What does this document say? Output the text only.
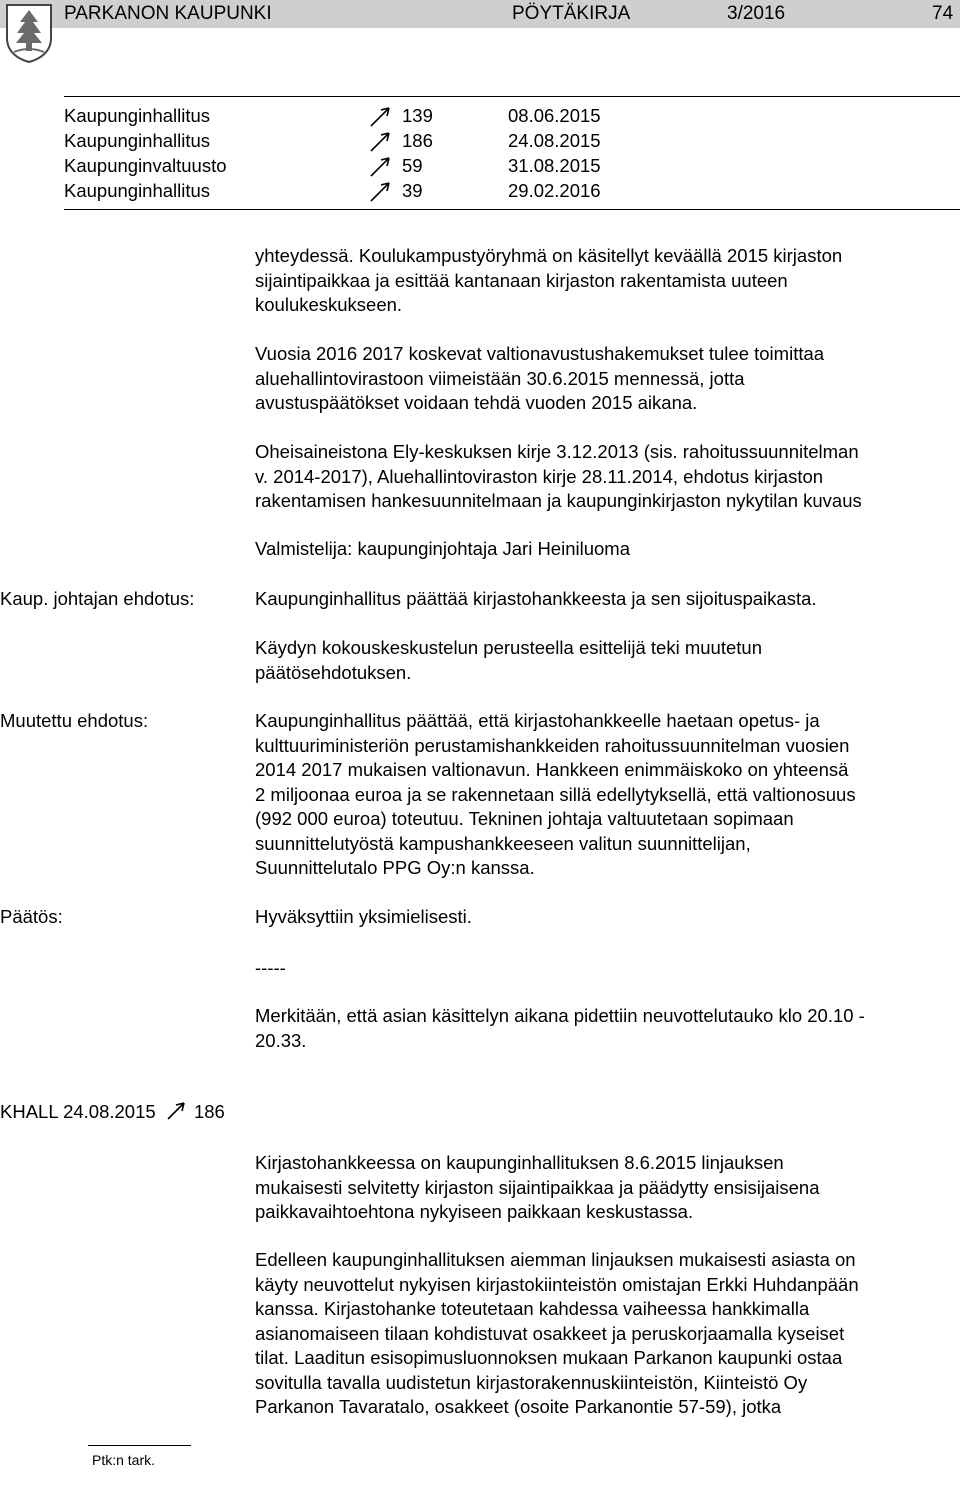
PARKANON KAUPUNKI	PÖYTÄKIRJA	3/2016	74
Kaupunginhallitus	139	08.06.2015
Kaupunginhallitus	186	24.08.2015
Kaupunginvaltuusto	59	31.08.2015
Kaupunginhallitus	39	29.02.2016
yhteydessä. Koulukampustyöryhmä on käsitellyt keväällä 2015 kirjaston
sijaintipaikkaa ja esittää kantanaan kirjaston rakentamista uuteen
koulukeskukseen.
Vuosia 2016 2017 koskevat valtionavustushakemukset tulee toimittaa
aluehallintovirastoon viimeistään 30.6.2015 mennessä, jotta
avustuspäätökset voidaan tehdä vuoden 2015 aikana.
Oheisaineistona Ely-keskuksen kirje 3.12.2013 (sis. rahoitussuunnitelman
v. 2014-2017), Aluehallintoviraston kirje 28.11.2014, ehdotus kirjaston
rakentamisen hankesuunnitelmaan ja kaupunginkirjaston nykytilan kuvaus
Valmistelija: kaupunginjohtaja Jari Heiniluoma
Kaup. johtajan ehdotus:	Kaupunginhallitus päättää kirjastohankkeesta ja sen sijoituspaikasta.
Käydyn kokouskeskustelun perusteella esittelijä teki muutetun
päätösehdotuksen.
Muutettu ehdotus:	Kaupunginhallitus päättää, että kirjastohankkeelle haetaan opetus- ja
kulttuuriministeriön perustamishankkeiden rahoitussuunnitelman vuosien
2014 2017 mukaisen valtionavun. Hankkeen enimmäiskoko on yhteensä
2 miljoonaa euroa ja se rakennetaan sillä edellytyksellä, että valtionosuus
(992 000 euroa) toteutuu. Tekninen johtaja valtuutetaan sopimaan
suunnittelutyöstä kampushankkeeseen valitun suunnittelijan,
Suunnittelutalo PPG Oy:n kanssa.
Päätös:	Hyväksyttiin yksimielisesti.
-----
Merkitään, että asian käsittelyn aikana pidettiin neuvottelutauko klo 20.10 -
20.33.
KHALL 24.08.2015 186
Kirjastohankkeessa on kaupunginhallituksen 8.6.2015 linjauksen
mukaisesti selvitetty kirjaston sijaintipaikkaa ja päädytty ensisijaisena
paikkavaihtoehtona nykyiseen paikkaan keskustassa.
Edelleen kaupunginhallituksen aiemman linjauksen mukaisesti asiasta on
käyty neuvottelut nykyisen kirjastokiinteistön omistajan Erkki Huhdanpään
kanssa. Kirjastohanke toteutetaan kahdessa vaiheessa hankkimalla
asianomaiseen tilaan kohdistuvat osakkeet ja peruskorjaamalla kyseiset
tilat. Laaditun esisopimusluonnoksen mukaan Parkanon kaupunki ostaa
sovitulla tavalla uudistetun kirjastorakennuskiinteistön, Kiinteistö Oy
Parkanon Tavaratalo, osakkeet (osoite Parkanontie 57-59), jotka
Ptk:n tark.
